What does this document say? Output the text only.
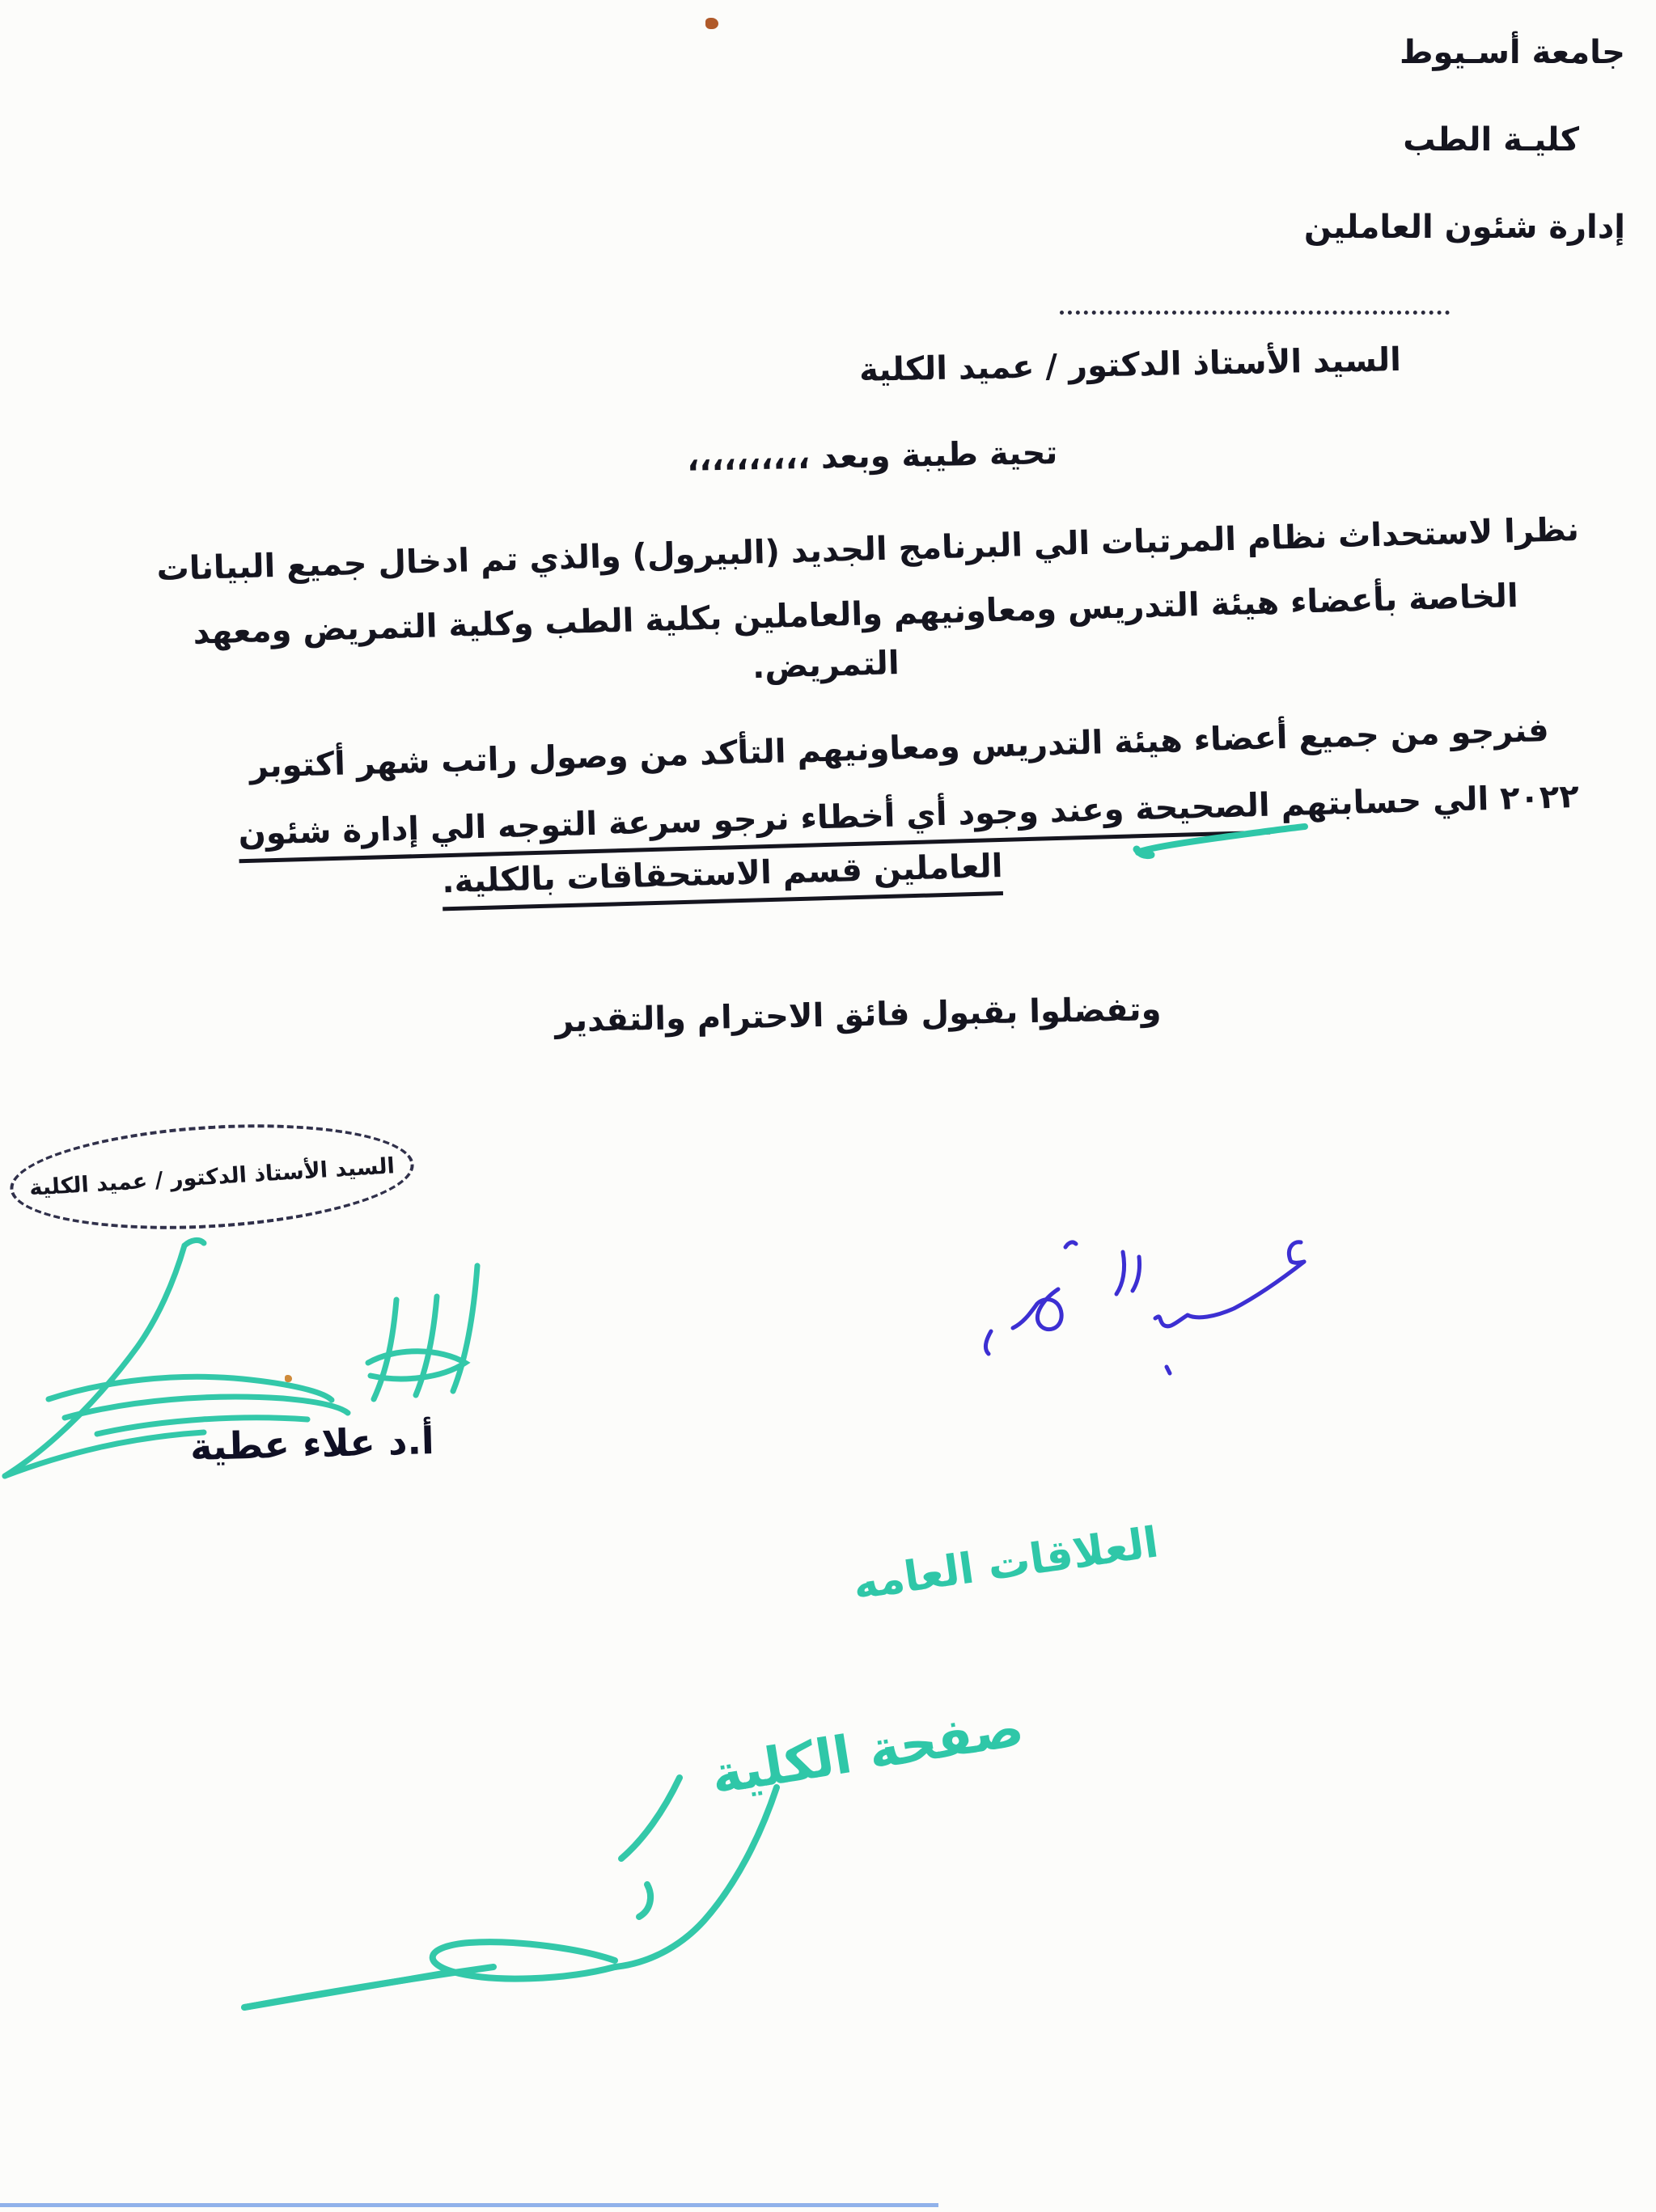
جامعة أسـيوط
كليـة الطب
إدارة شئون العاملين
السيد الأستاذ الدكتور / عميد الكلية
تحية طيبة وبعد ،،،،،،،،،،
نظرا لاستحداث نظام المرتبات الي البرنامج الجديد (البيرول) والذي تم ادخال جميع البيانات
الخاصة بأعضاء هيئة التدريس ومعاونيهم والعاملين بكلية الطب وكلية التمريض ومعهد
التمريض.
فنرجو من جميع أعضاء هيئة التدريس ومعاونيهم التأكد من وصول راتب شهر أكتوبر
٢٠٢٢ الي حسابتهم الصحيحة وعند وجود أي أخطاء نرجو سرعة التوجه الي إدارة شئون
العاملين قسم الاستحقاقات بالكلية.
وتفضلوا بقبول فائق الاحترام والتقدير
السيد الأستاذ الدكتور / عميد الكلية
أ.د علاء عطية
العلاقات العامه
صفحة الكلية
